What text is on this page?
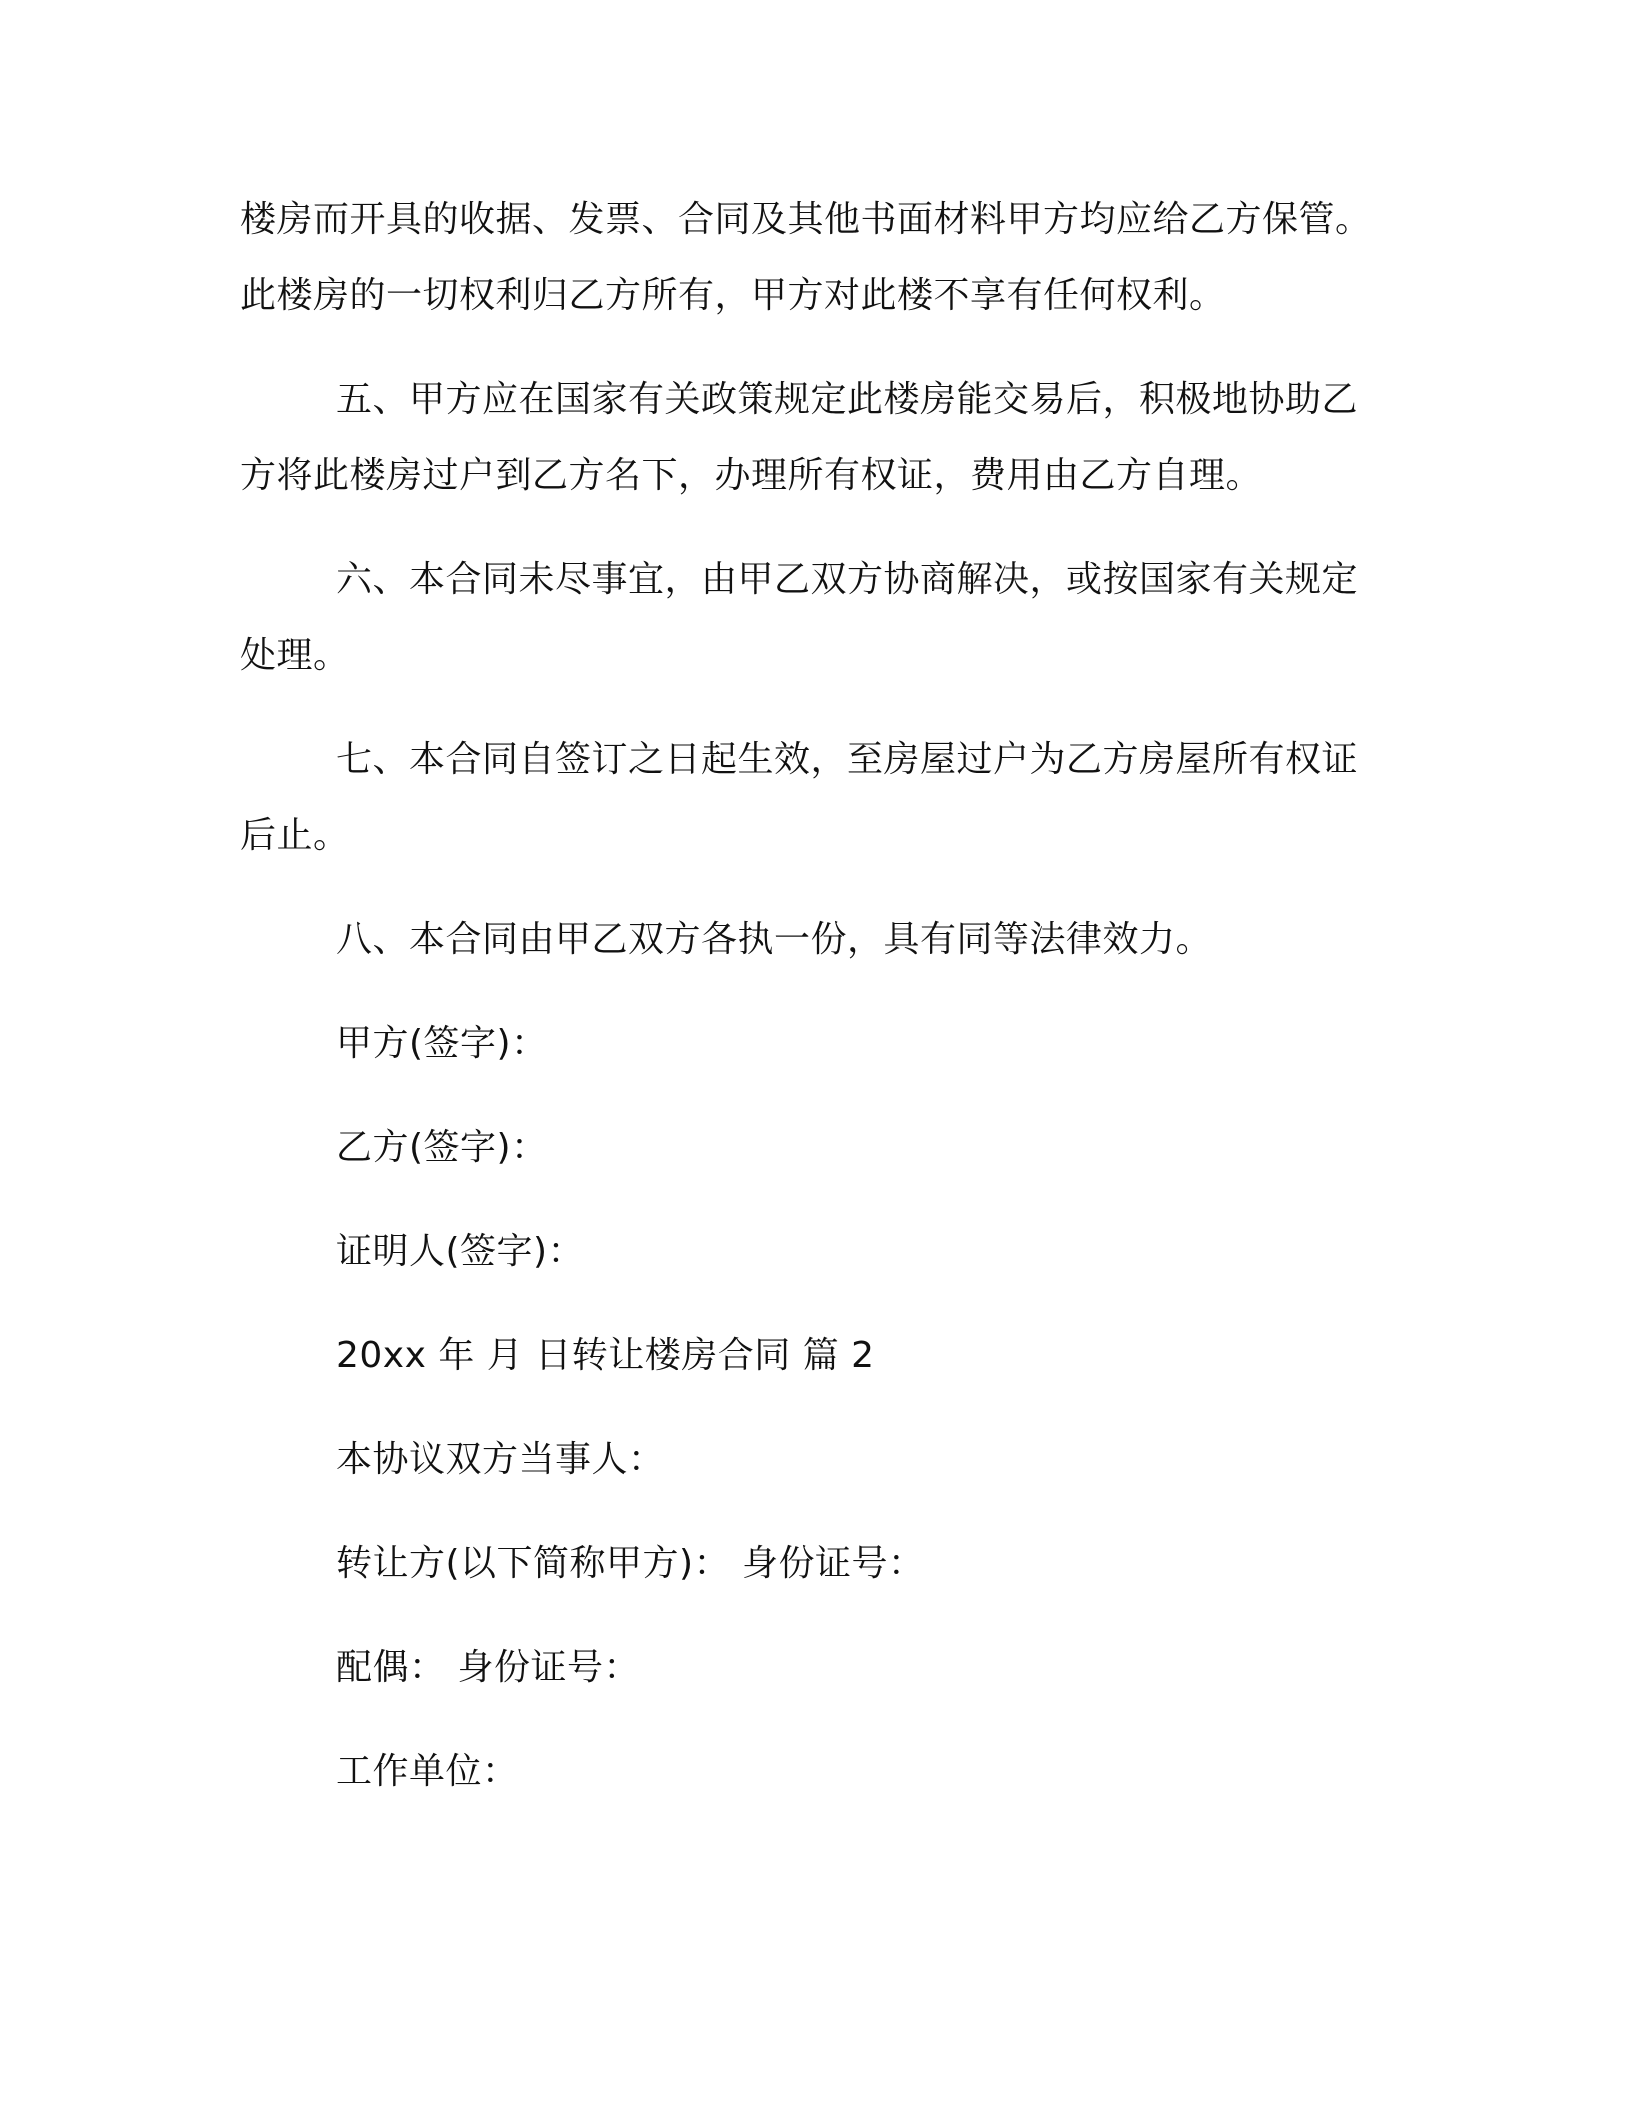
楼房而开具的收据、发票、合同及其他书面材料甲方均应给乙方保管。

此楼房的一切权利归乙方所有，甲方对此楼不享有任何权利。

五、甲方应在国家有关政策规定此楼房能交易后，积极地协助乙

方将此楼房过户到乙方名下，办理所有权证，费用由乙方自理。

六、本合同未尽事宜，由甲乙双方协商解决，或按国家有关规定

处理。

七、本合同自签订之日起生效，至房屋过户为乙方房屋所有权证

后止。

八、本合同由甲乙双方各执一份，具有同等法律效力。

甲方(签字)：

乙方(签字)：

证明人(签字)：

20xx 年 月 日转让楼房合同 篇 2

本协议双方当事人：

转让方(以下简称甲方)： 身份证号：

配偶： 身份证号：

工作单位：
